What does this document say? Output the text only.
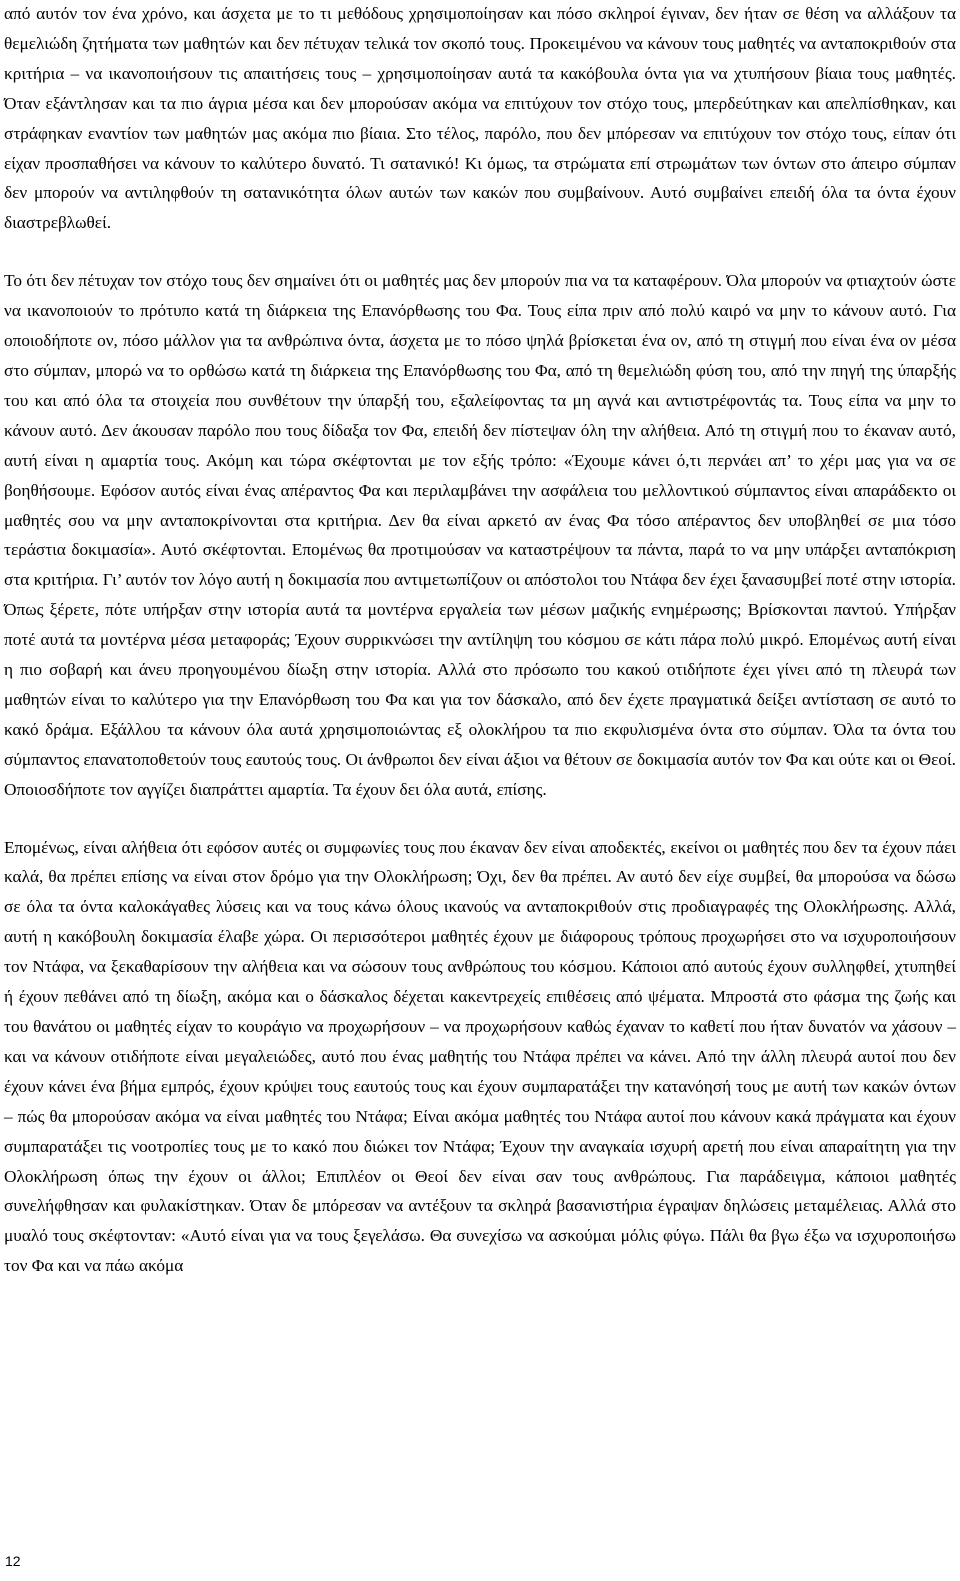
από αυτόν τον ένα χρόνο, και άσχετα με το τι μεθόδους χρησιμοποίησαν και πόσο σκληροί έγιναν, δεν ήταν σε θέση να αλλάξουν τα θεμελιώδη ζητήματα των μαθητών και δεν πέτυχαν τελικά τον σκοπό τους. Προκειμένου να κάνουν τους μαθητές να ανταποκριθούν στα κριτήρια – να ικανοποιήσουν τις απαιτήσεις τους – χρησιμοποίησαν αυτά τα κακόβουλα όντα για να χτυπήσουν βίαια τους μαθητές. Όταν εξάντλησαν και τα πιο άγρια μέσα και δεν μπορούσαν ακόμα να επιτύχουν τον στόχο τους, μπερδεύτηκαν και απελπίσθηκαν, και στράφηκαν εναντίον των μαθητών μας ακόμα πιο βίαια. Στο τέλος, παρόλο, που δεν μπόρεσαν να επιτύχουν τον στόχο τους, είπαν ότι είχαν προσπαθήσει να κάνουν το καλύτερο δυνατό. Τι σατανικό! Κι όμως, τα στρώματα επί στρωμάτων των όντων στο άπειρο σύμπαν δεν μπορούν να αντιληφθούν τη σατανικότητα όλων αυτών των κακών που συμβαίνουν. Αυτό συμβαίνει επειδή όλα τα όντα έχουν διαστρεβλωθεί.

Το ότι δεν πέτυχαν τον στόχο τους δεν σημαίνει ότι οι μαθητές μας δεν μπορούν πια να τα καταφέρουν. Όλα μπορούν να φτιαχτούν ώστε να ικανοποιούν το πρότυπο κατά τη διάρκεια της Επανόρθωσης του Φα. Τους είπα πριν από πολύ καιρό να μην το κάνουν αυτό. Για οποιοδήποτε ον, πόσο μάλλον για τα ανθρώπινα όντα, άσχετα με το πόσο ψηλά βρίσκεται ένα ον, από τη στιγμή που είναι ένα ον μέσα στο σύμπαν, μπορώ να το ορθώσω κατά τη διάρκεια της Επανόρθωσης του Φα, από τη θεμελιώδη φύση του, από την πηγή της ύπαρξής του και από όλα τα στοιχεία που συνθέτουν την ύπαρξή του, εξαλείφοντας τα μη αγνά και αντιστρέφοντάς τα. Τους είπα να μην το κάνουν αυτό. Δεν άκουσαν παρόλο που τους δίδαξα τον Φα, επειδή δεν πίστεψαν όλη την αλήθεια. Από τη στιγμή που το έκαναν αυτό, αυτή είναι η αμαρτία τους. Ακόμη και τώρα σκέφτονται με τον εξής τρόπο: «Έχουμε κάνει ό,τι περνάει απ’ το χέρι μας για να σε βοηθήσουμε. Εφόσον αυτός είναι ένας απέραντος Φα και περιλαμβάνει την ασφάλεια του μελλοντικού σύμπαντος είναι απαράδεκτο οι μαθητές σου να μην ανταποκρίνονται στα κριτήρια. Δεν θα είναι αρκετό αν ένας Φα τόσο απέραντος δεν υποβληθεί σε μια τόσο τεράστια δοκιμασία». Αυτό σκέφτονται. Επομένως θα προτιμούσαν να καταστρέψουν τα πάντα, παρά το να μην υπάρξει ανταπόκριση στα κριτήρια. Γι’ αυτόν τον λόγο αυτή η δοκιμασία που αντιμετωπίζουν οι απόστολοι του Ντάφα δεν έχει ξανασυμβεί ποτέ στην ιστορία. Όπως ξέρετε, πότε υπήρξαν στην ιστορία αυτά τα μοντέρνα εργαλεία των μέσων μαζικής ενημέρωσης; Βρίσκονται παντού. Υπήρξαν ποτέ αυτά τα μοντέρνα μέσα μεταφοράς; Έχουν συρρικνώσει την αντίληψη του κόσμου σε κάτι πάρα πολύ μικρό. Επομένως αυτή είναι η πιο σοβαρή και άνευ προηγουμένου δίωξη στην ιστορία. Αλλά στο πρόσωπο του κακού οτιδήποτε έχει γίνει από τη πλευρά των μαθητών είναι το καλύτερο για την Επανόρθωση του Φα και για τον δάσκαλο, από δεν έχετε πραγματικά δείξει αντίσταση σε αυτό το κακό δράμα. Εξάλλου τα κάνουν όλα αυτά χρησιμοποιώντας εξ ολοκλήρου τα πιο εκφυλισμένα όντα στο σύμπαν. Όλα τα όντα του σύμπαντος επανατοποθετούν τους εαυτούς τους. Οι άνθρωποι δεν είναι άξιοι να θέτουν σε δοκιμασία αυτόν τον Φα και ούτε και οι Θεοί. Οποιοσδήποτε τον αγγίζει διαπράττει αμαρτία. Τα έχουν δει όλα αυτά, επίσης.

Επομένως, είναι αλήθεια ότι εφόσον αυτές οι συμφωνίες τους που έκαναν δεν είναι αποδεκτές, εκείνοι οι μαθητές που δεν τα έχουν πάει καλά, θα πρέπει επίσης να είναι στον δρόμο για την Ολοκλήρωση; Όχι, δεν θα πρέπει. Αν αυτό δεν είχε συμβεί, θα μπορούσα να δώσω σε όλα τα όντα καλοκάγαθες λύσεις και να τους κάνω όλους ικανούς να ανταποκριθούν στις προδιαγραφές της Ολοκλήρωσης. Αλλά, αυτή η κακόβουλη δοκιμασία έλαβε χώρα. Οι περισσότεροι μαθητές έχουν με διάφορους τρόπους προχωρήσει στο να ισχυροποιήσουν τον Ντάφα, να ξεκαθαρίσουν την αλήθεια και να σώσουν τους ανθρώπους του κόσμου. Κάποιοι από αυτούς έχουν συλληφθεί, χτυπηθεί ή έχουν πεθάνει από τη δίωξη, ακόμα και ο δάσκαλος δέχεται κακεντρεχείς επιθέσεις από ψέματα. Μπροστά στο φάσμα της ζωής και του θανάτου οι μαθητές είχαν το κουράγιο να προχωρήσουν – να προχωρήσουν καθώς έχαναν το καθετί που ήταν δυνατόν να χάσουν – και να κάνουν οτιδήποτε είναι μεγαλειώδες, αυτό που ένας μαθητής του Ντάφα πρέπει να κάνει. Από την άλλη πλευρά αυτοί που δεν έχουν κάνει ένα βήμα εμπρός, έχουν κρύψει τους εαυτούς τους και έχουν συμπαρατάξει την κατανόησή τους με αυτή των κακών όντων – πώς θα μπορούσαν ακόμα να είναι μαθητές του Ντάφα; Είναι ακόμα μαθητές του Ντάφα αυτοί που κάνουν κακά πράγματα και έχουν συμπαρατάξει τις νοοτροπίες τους με το κακό που διώκει τον Ντάφα; Έχουν την αναγκαία ισχυρή αρετή που είναι απαραίτητη για την Ολοκλήρωση όπως την έχουν οι άλλοι; Επιπλέον οι Θεοί δεν είναι σαν τους ανθρώπους. Για παράδειγμα, κάποιοι μαθητές συνελήφθησαν και φυλακίστηκαν. Όταν δε μπόρεσαν να αντέξουν τα σκληρά βασανιστήρια έγραψαν δηλώσεις μεταμέλειας. Αλλά στο μυαλό τους σκέφτονταν: «Αυτό είναι για να τους ξεγελάσω. Θα συνεχίσω να ασκούμαι μόλις φύγω. Πάλι θα βγω έξω να ισχυροποιήσω τον Φα και να πάω ακόμα

12
